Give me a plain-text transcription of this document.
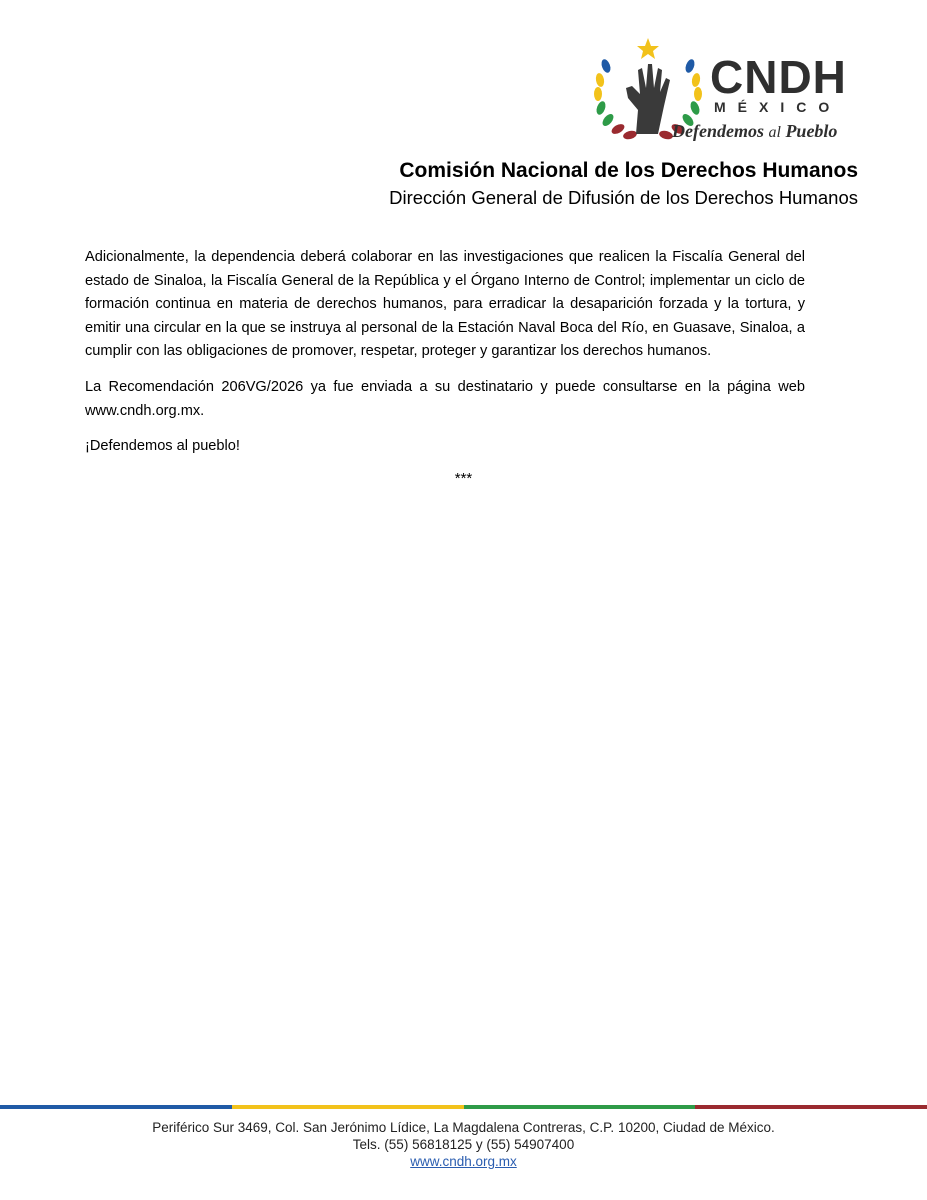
CNDH
MÉXICO
Defendemos al Pueblo
Comisión Nacional de los Derechos Humanos
Dirección General de Difusión de los Derechos Humanos

Adicionalmente, la dependencia deberá colaborar en las investigaciones que realicen la Fiscalía General del estado de Sinaloa, la Fiscalía General de la República y el Órgano Interno de Control; implementar un ciclo de formación continua en materia de derechos humanos, para erradicar la desaparición forzada y la tortura, y emitir una circular en la que se instruya al personal de la Estación Naval Boca del Río, en Guasave, Sinaloa, a cumplir con las obligaciones de promover, respetar, proteger y garantizar los derechos humanos.

La Recomendación 206VG/2026 ya fue enviada a su destinatario y puede consultarse en la página web www.cndh.org.mx.

¡Defendemos al pueblo!

***
Periférico Sur 3469, Col. San Jerónimo Lídice, La Magdalena Contreras, C.P. 10200, Ciudad de México.
Tels. (55) 56818125 y (55) 54907400
www.cndh.org.mx
